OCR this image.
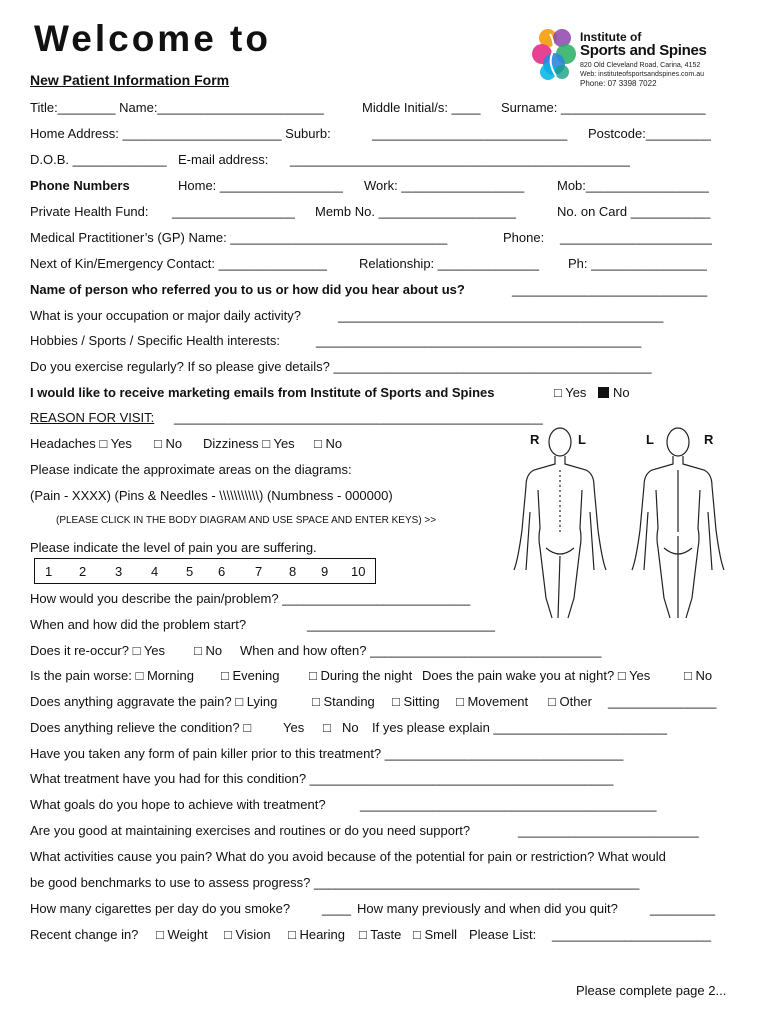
Welcome to
New Patient Information Form
Institute of
Sports and Spines
820 Old Cleveland Road, Carina, 4152
Web: instituteofsportsandspines.com.au
Phone: 07 3398 7022
Title:________ Name:_______________________	Middle Initial/s: ____ Surname: ____________________
Home Address: ______________________ Suburb:	___________________________ Postcode:_________
D.O.B. _____________ E-mail address: _______________________________________________
Phone Numbers	Home: _________________ Work: _________________	Mob:_________________
Private Health Fund: _________________ Memb No. ___________________	No. on Card ___________
Medical Practitioner’s (GP) Name: ______________________________	Phone: _____________________
Next of Kin/Emergency Contact: _______________ Relationship: ______________ Ph: ________________
Name of person who referred you to us or how did you hear about us?	___________________________
What is your occupation or major daily activity?	_____________________________________________
Hobbies / Sports / Specific Health interests:	_____________________________________________
Do you exercise regularly? If so please give details? ____________________________________________
I would like to receive marketing emails from Institute of Sports and Spines	□ Yes	No
REASON FOR VISIT: ___________________________________________________
Headaches □ Yes □ No Dizziness □ Yes □ No
Please indicate the approximate areas on the diagrams:
(Pain - XXXX) (Pins & Needles - \\\\\\\\\\\) (Numbness - 000000)
(PLEASE CLICK IN THE BODY DIAGRAM AND USE SPACE AND ENTER KEYS) >>
Please indicate the level of pain you are suffering.
1 2 3 4 5 6 7 8 9 10
R	L	L	R
How would you describe the pain/problem? __________________________
When and how did the problem start?	__________________________
Does it re-occur? □ Yes □ No When and how often? ________________________________
Is the pain worse: □ Morning □ Evening □ During the night Does the pain wake you at night? □ Yes	□ No
Does anything aggravate the pain? □ Lying	□ Standing □ Sitting □ Movement □ Other _______________
Does anything relieve the condition? □ Yes □ No If yes please explain ________________________
Have you taken any form of pain killer prior to this treatment? _________________________________
What treatment have you had for this condition? __________________________________________
What goals do you hope to achieve with treatment?	_________________________________________
Are you good at maintaining exercises and routines or do you need support?	_________________________
What activities cause you pain? What do you avoid because of the potential for pain or restriction? What would
be good benchmarks to use to assess progress? _____________________________________________
How many cigarettes per day do you smoke? ____ How many previously and when did you quit? _________
Recent change in? □ Weight □ Vision □ Hearing □ Taste □ Smell Please List: ______________________
Please complete page 2...
